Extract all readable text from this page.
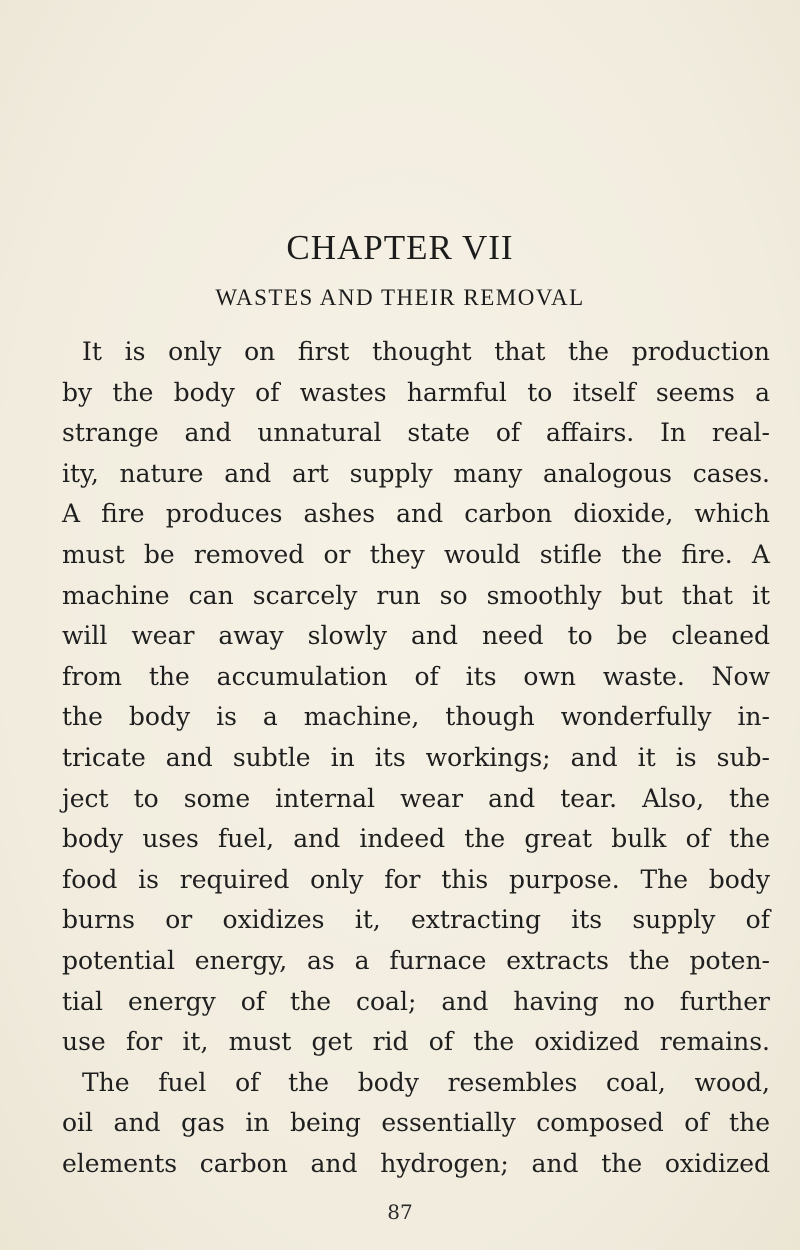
CHAPTER VII
WASTES AND THEIR REMOVAL
It is only on first thought that the production
by the body of wastes harmful to itself seems a
strange and unnatural state of affairs. In real-
ity, nature and art supply many analogous cases.
A fire produces ashes and carbon dioxide, which
must be removed or they would stifle the fire. A
machine can scarcely run so smoothly but that it
will wear away slowly and need to be cleaned
from the accumulation of its own waste. Now
the body is a machine, though wonderfully in-
tricate and subtle in its workings; and it is sub-
ject to some internal wear and tear. Also, the
body uses fuel, and indeed the great bulk of the
food is required only for this purpose. The body
burns or oxidizes it, extracting its supply of
potential energy, as a furnace extracts the poten-
tial energy of the coal; and having no further
use for it, must get rid of the oxidized remains.
The fuel of the body resembles coal, wood,
oil and gas in being essentially composed of the
elements carbon and hydrogen; and the oxidized

87
